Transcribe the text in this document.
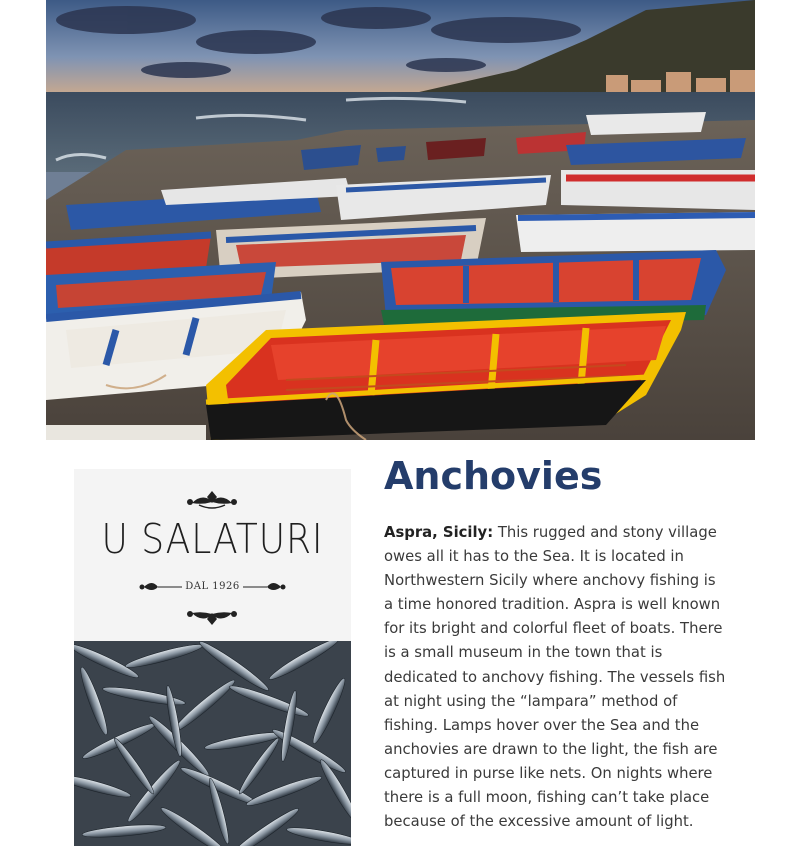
U SALATURI
DAL 1926
Anchovies

Aspra, Sicily: This rugged and stony village owes all it has to the Sea. It is located in Northwestern Sicily where anchovy fishing is a time honored tradition. Aspra is well known for its bright and colorful fleet of boats. There is a small museum in the town that is dedicated to anchovy fishing. The vessels fish at night using the “lampara” method of fishing. Lamps hover over the Sea and the anchovies are drawn to the light, the fish are captured in purse like nets. On nights where there is a full moon, fishing can’t take place because of the excessive amount of light.
